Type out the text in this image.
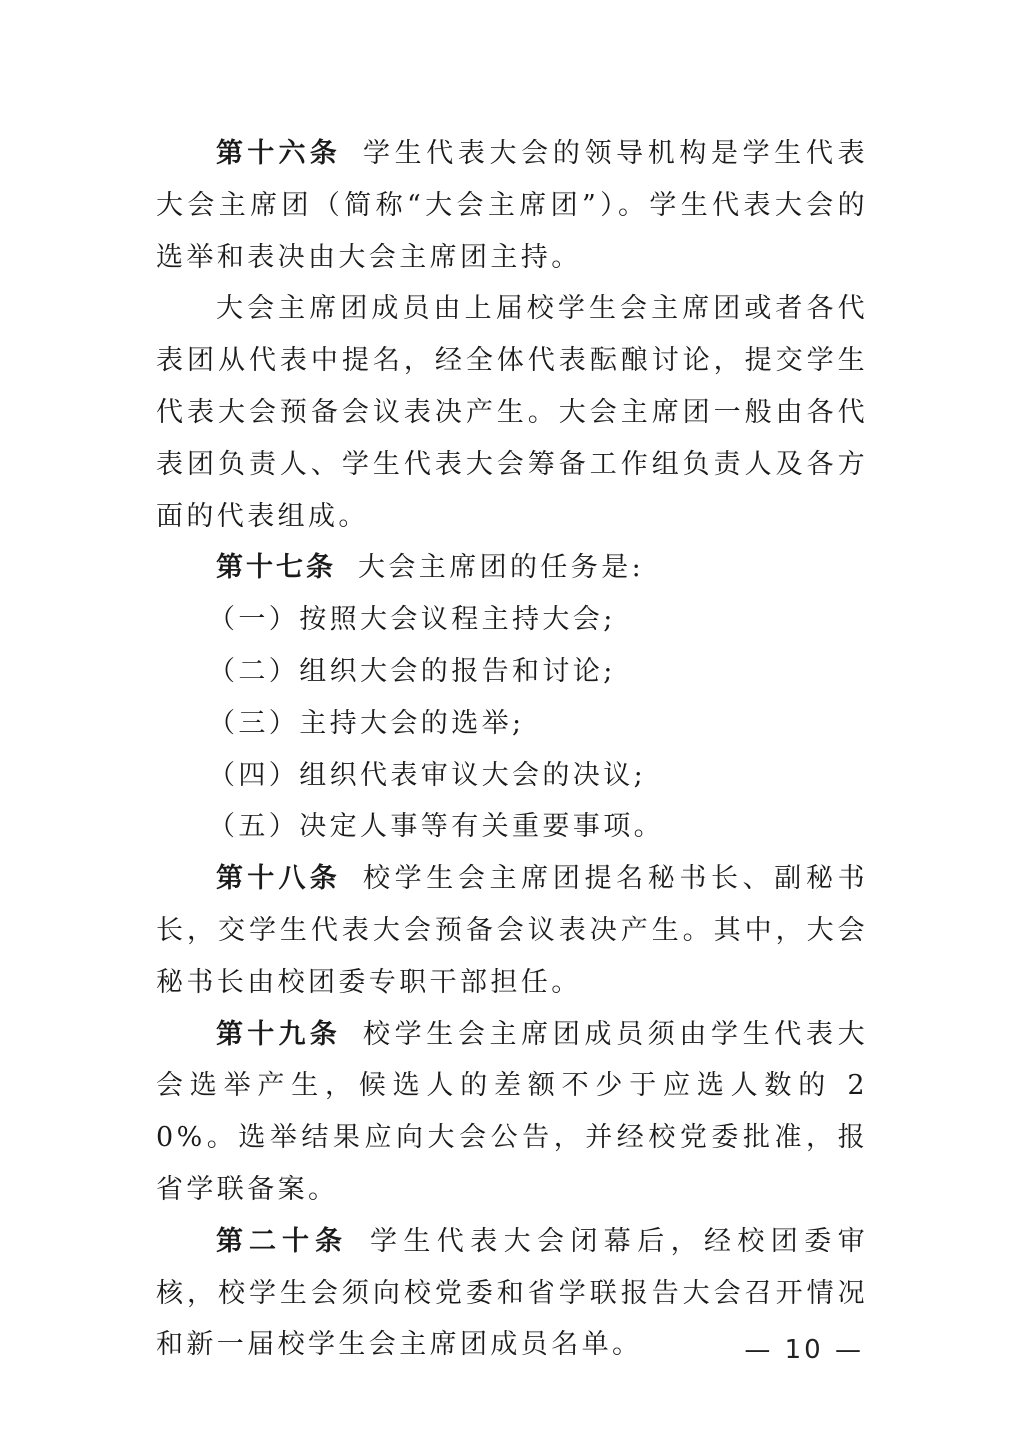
第十六条 学生代表大会的领导机构是学生代表大会主席团（简称“大会主席团”）。学生代表大会的选举和表决由大会主席团主持。

大会主席团成员由上届校学生会主席团或者各代表团从代表中提名，经全体代表酝酿讨论，提交学生代表大会预备会议表决产生。大会主席团一般由各代表团负责人、学生代表大会筹备工作组负责人及各方面的代表组成。

第十七条 大会主席团的任务是:

（一）按照大会议程主持大会;

（二）组织大会的报告和讨论;

（三）主持大会的选举;

（四）组织代表审议大会的决议;

（五）决定人事等有关重要事项。

第十八条 校学生会主席团提名秘书长、副秘书长，交学生代表大会预备会议表决产生。其中，大会秘书长由校团委专职干部担任。

第十九条 校学生会主席团成员须由学生代表大会选举产生，候选人的差额不少于应选人数的 20%。选举结果应向大会公告，并经校党委批准，报省学联备案。

第二十条 学生代表大会闭幕后，经校团委审核，校学生会须向校党委和省学联报告大会召开情况和新一届校学生会主席团成员名单。	— 10 —
